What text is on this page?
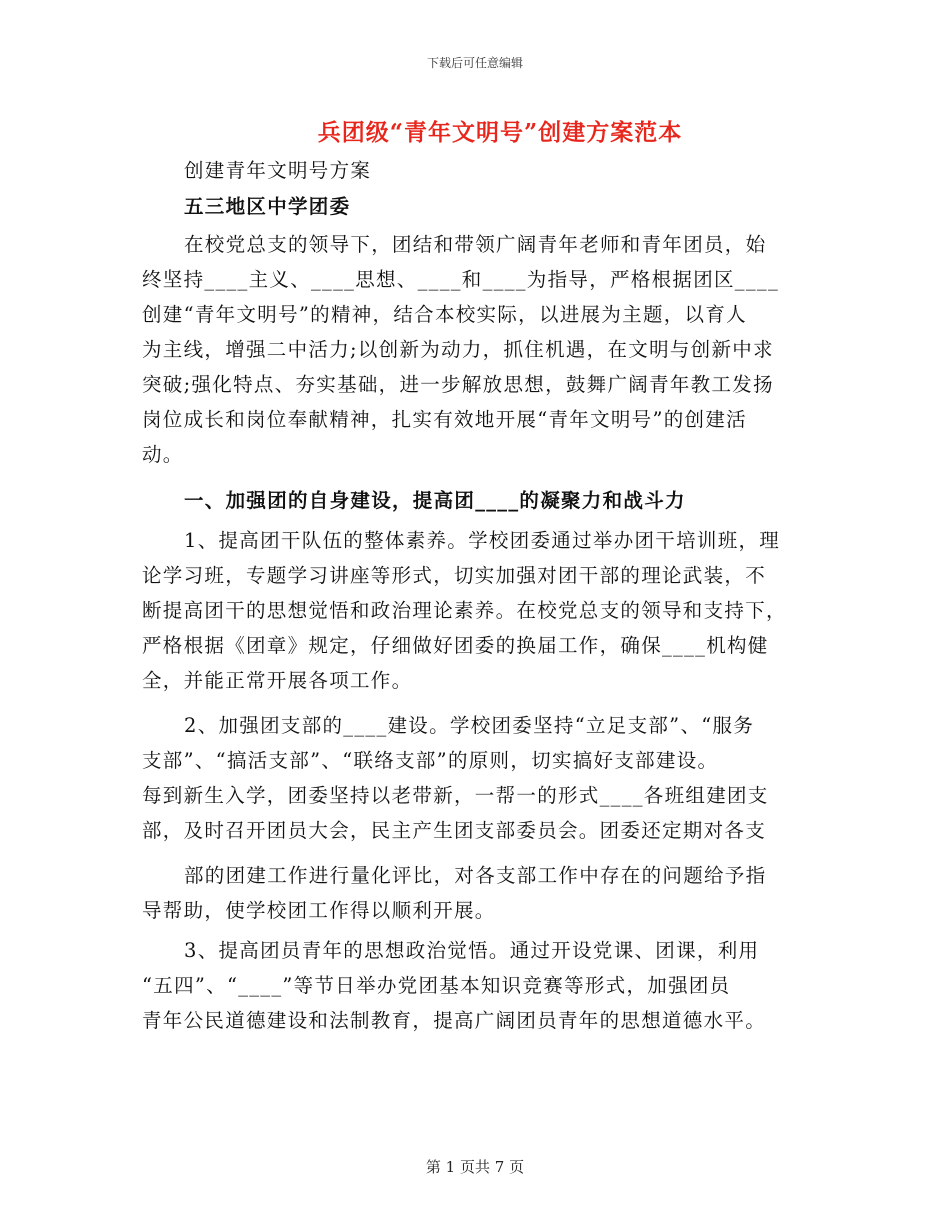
下载后可任意编辑
兵团级“青年文明号”创建方案范本
创建青年文明号方案
五三地区中学团委
在校党总支的领导下，团结和带领广阔青年老师和青年团员，始
终坚持____主义、____思想、____和____为指导，严格根据团区____
创建“青年文明号”的精神，结合本校实际，以进展为主题，以育人
为主线，增强二中活力;以创新为动力，抓住机遇，在文明与创新中求
突破;强化特点、夯实基础，进一步解放思想，鼓舞广阔青年教工发扬
岗位成长和岗位奉献精神，扎实有效地开展“青年文明号”的创建活
动。
一、加强团的自身建设，提高团____的凝聚力和战斗力
1、提高团干队伍的整体素养。学校团委通过举办团干培训班，理
论学习班，专题学习讲座等形式，切实加强对团干部的理论武装，不
断提高团干的思想觉悟和政治理论素养。在校党总支的领导和支持下，
严格根据《团章》规定，仔细做好团委的换届工作，确保____机构健
全，并能正常开展各项工作。
2、加强团支部的____建设。学校团委坚持“立足支部”、“服务
支部”、“搞活支部”、“联络支部”的原则，切实搞好支部建设。
每到新生入学，团委坚持以老带新，一帮一的形式____各班组建团支
部，及时召开团员大会，民主产生团支部委员会。团委还定期对各支
部的团建工作进行量化评比，对各支部工作中存在的问题给予指
导帮助，使学校团工作得以顺利开展。
3、提高团员青年的思想政治觉悟。通过开设党课、团课，利用
“五四”、“____”等节日举办党团基本知识竞赛等形式，加强团员
青年公民道德建设和法制教育，提高广阔团员青年的思想道德水平。
第 1 页共 7 页
